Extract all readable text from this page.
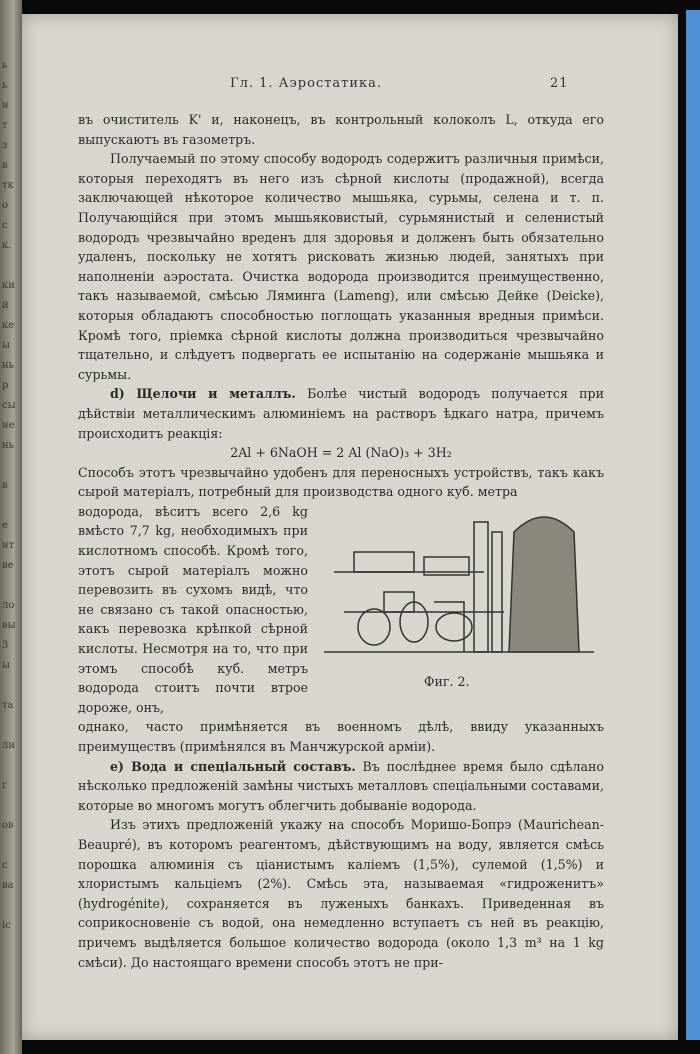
ь
ь
н
т
з
в
тк
о
с
к.
ки
й
ке
ы
нь
р
сы
не
нь
в
е
нт
ве
ло
вы
3
ы
та
ли
г
ов
с
ва
ic
Гл. 1. Аэростатика.	21

въ очиститель K' и, наконецъ, въ контрольный колоколъ L, откуда его выпускаютъ въ газометръ.

Получаемый по этому способу водородъ содержитъ различныя примѣси, которыя переходятъ въ него изъ сѣрной кислоты (продажной), всегда заключающей нѣкоторое количество мышьяка, сурьмы, селена и т. п. Получающійся при этомъ мышьяковистый, сурьмянистый и селенистый водородъ чрезвычайно вреденъ для здоровья и долженъ быть обязательно удаленъ, поскольку не хотятъ рисковать жизнью людей, занятыхъ при наполненіи аэростата. Очистка водорода производится преимущественно, такъ называемой, смѣсью Ляминга (Lameng), или смѣсью Дейке (Deicke), которыя обладаютъ способностью поглощать указанныя вредныя примѣси. Кромѣ того, пріемка сѣрной кислоты должна производиться чрезвычайно тщательно, и слѣдуетъ подвергать ее испытанію на содержаніе мышьяка и сурьмы.

d) Щелочи и металлъ. Болѣе чистый водородъ получается при дѣйствіи металлическимъ алюминіемъ на растворъ ѣдкаго натра, причемъ происходитъ реакція:

2Al + 6NaOH = 2 Al (NaO)₃ + 3H₂

Способъ этотъ чрезвычайно удобенъ для переносныхъ устройствъ, такъ какъ сырой матеріалъ, потребный для производства одного куб. метра

водорода, вѣситъ всего 2,6 kg вмѣсто 7,7 kg, необходимыхъ при кислотномъ способѣ. Кромѣ того, этотъ сырой матеріалъ можно перевозить въ сухомъ видѣ, что не связано съ такой опасностью, какъ перевозка крѣпкой сѣрной кислоты. Несмотря на то, что при этомъ способѣ куб. метръ водорода стоитъ почти втрое дороже, онъ,
Фиг. 2.

однако, часто примѣняется въ военномъ дѣлѣ, ввиду указанныхъ преимуществъ (примѣнялся въ Манчжурской арміи).

e) Вода и спеціальный составъ. Въ послѣднее время было сдѣлано нѣсколько предложеній замѣны чистыхъ металловъ спеціальными составами, которые во многомъ могутъ облегчить добываніе водорода.

Изъ этихъ предложеній укажу на способъ Моришо-Бопрэ (Maurichean-Beaupré), въ которомъ реагентомъ, дѣйствующимъ на воду, является смѣсь порошка алюминія съ ціанистымъ каліемъ (1,5%), сулемой (1,5%) и хлористымъ кальціемъ (2%). Смѣсь эта, называемая «гидроженитъ» (hydrogénite), сохраняется въ луженыхъ банкахъ. Приведенная въ соприкосновеніе съ водой, она немедленно вступаетъ съ ней въ реакцію, причемъ выдѣляется большое количество водорода (около 1,3 m³ на 1 kg смѣси). До настоящаго времени способъ этотъ не при-
